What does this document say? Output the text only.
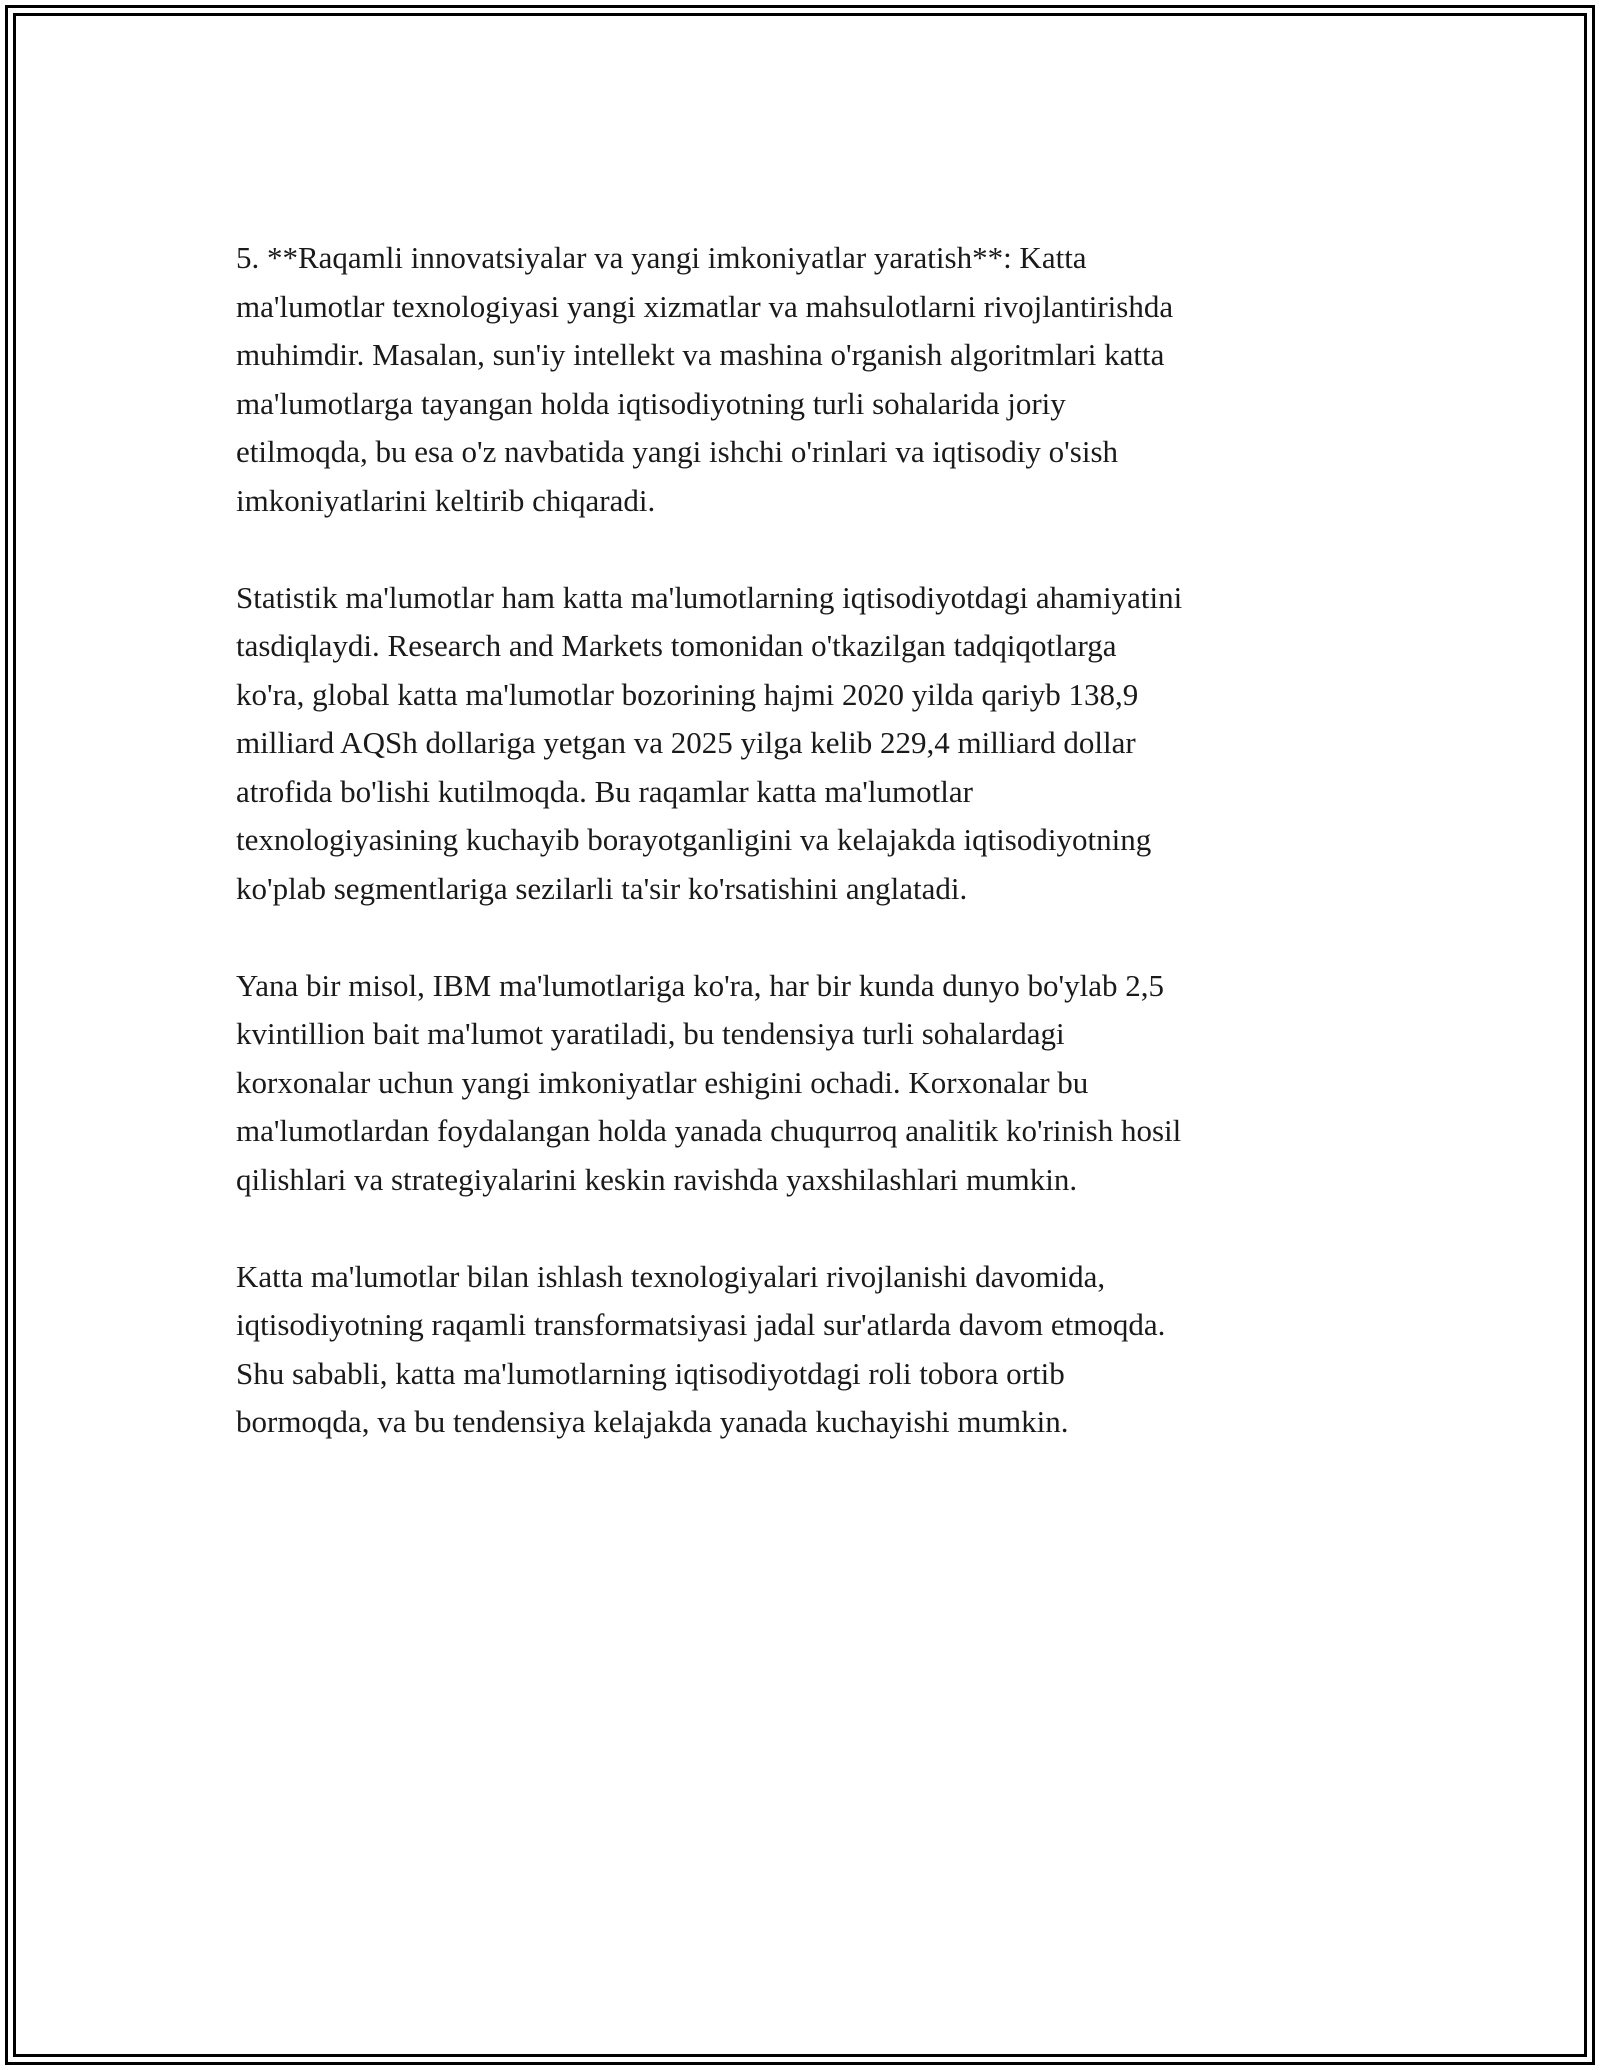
5. **Raqamli innovatsiyalar va yangi imkoniyatlar yaratish**: Katta
ma'lumotlar texnologiyasi yangi xizmatlar va mahsulotlarni rivojlantirishda
muhimdir. Masalan, sun'iy intellekt va mashina o'rganish algoritmlari katta
ma'lumotlarga tayangan holda iqtisodiyotning turli sohalarida joriy
etilmoqda, bu esa o'z navbatida yangi ishchi o'rinlari va iqtisodiy o'sish
imkoniyatlarini keltirib chiqaradi.

Statistik ma'lumotlar ham katta ma'lumotlarning iqtisodiyotdagi ahamiyatini
tasdiqlaydi. Research and Markets tomonidan o'tkazilgan tadqiqotlarga
ko'ra, global katta ma'lumotlar bozorining hajmi 2020 yilda qariyb 138,9
milliard AQSh dollariga yetgan va 2025 yilga kelib 229,4 milliard dollar
atrofida bo'lishi kutilmoqda. Bu raqamlar katta ma'lumotlar
texnologiyasining kuchayib borayotganligini va kelajakda iqtisodiyotning
ko'plab segmentlariga sezilarli ta'sir ko'rsatishini anglatadi.

Yana bir misol, IBM ma'lumotlariga ko'ra, har bir kunda dunyo bo'ylab 2,5
kvintillion bait ma'lumot yaratiladi, bu tendensiya turli sohalardagi
korxonalar uchun yangi imkoniyatlar eshigini ochadi. Korxonalar bu
ma'lumotlardan foydalangan holda yanada chuqurroq analitik ko'rinish hosil
qilishlari va strategiyalarini keskin ravishda yaxshilashlari mumkin.

Katta ma'lumotlar bilan ishlash texnologiyalari rivojlanishi davomida,
iqtisodiyotning raqamli transformatsiyasi jadal sur'atlarda davom etmoqda.
Shu sababli, katta ma'lumotlarning iqtisodiyotdagi roli tobora ortib
bormoqda, va bu tendensiya kelajakda yanada kuchayishi mumkin.
